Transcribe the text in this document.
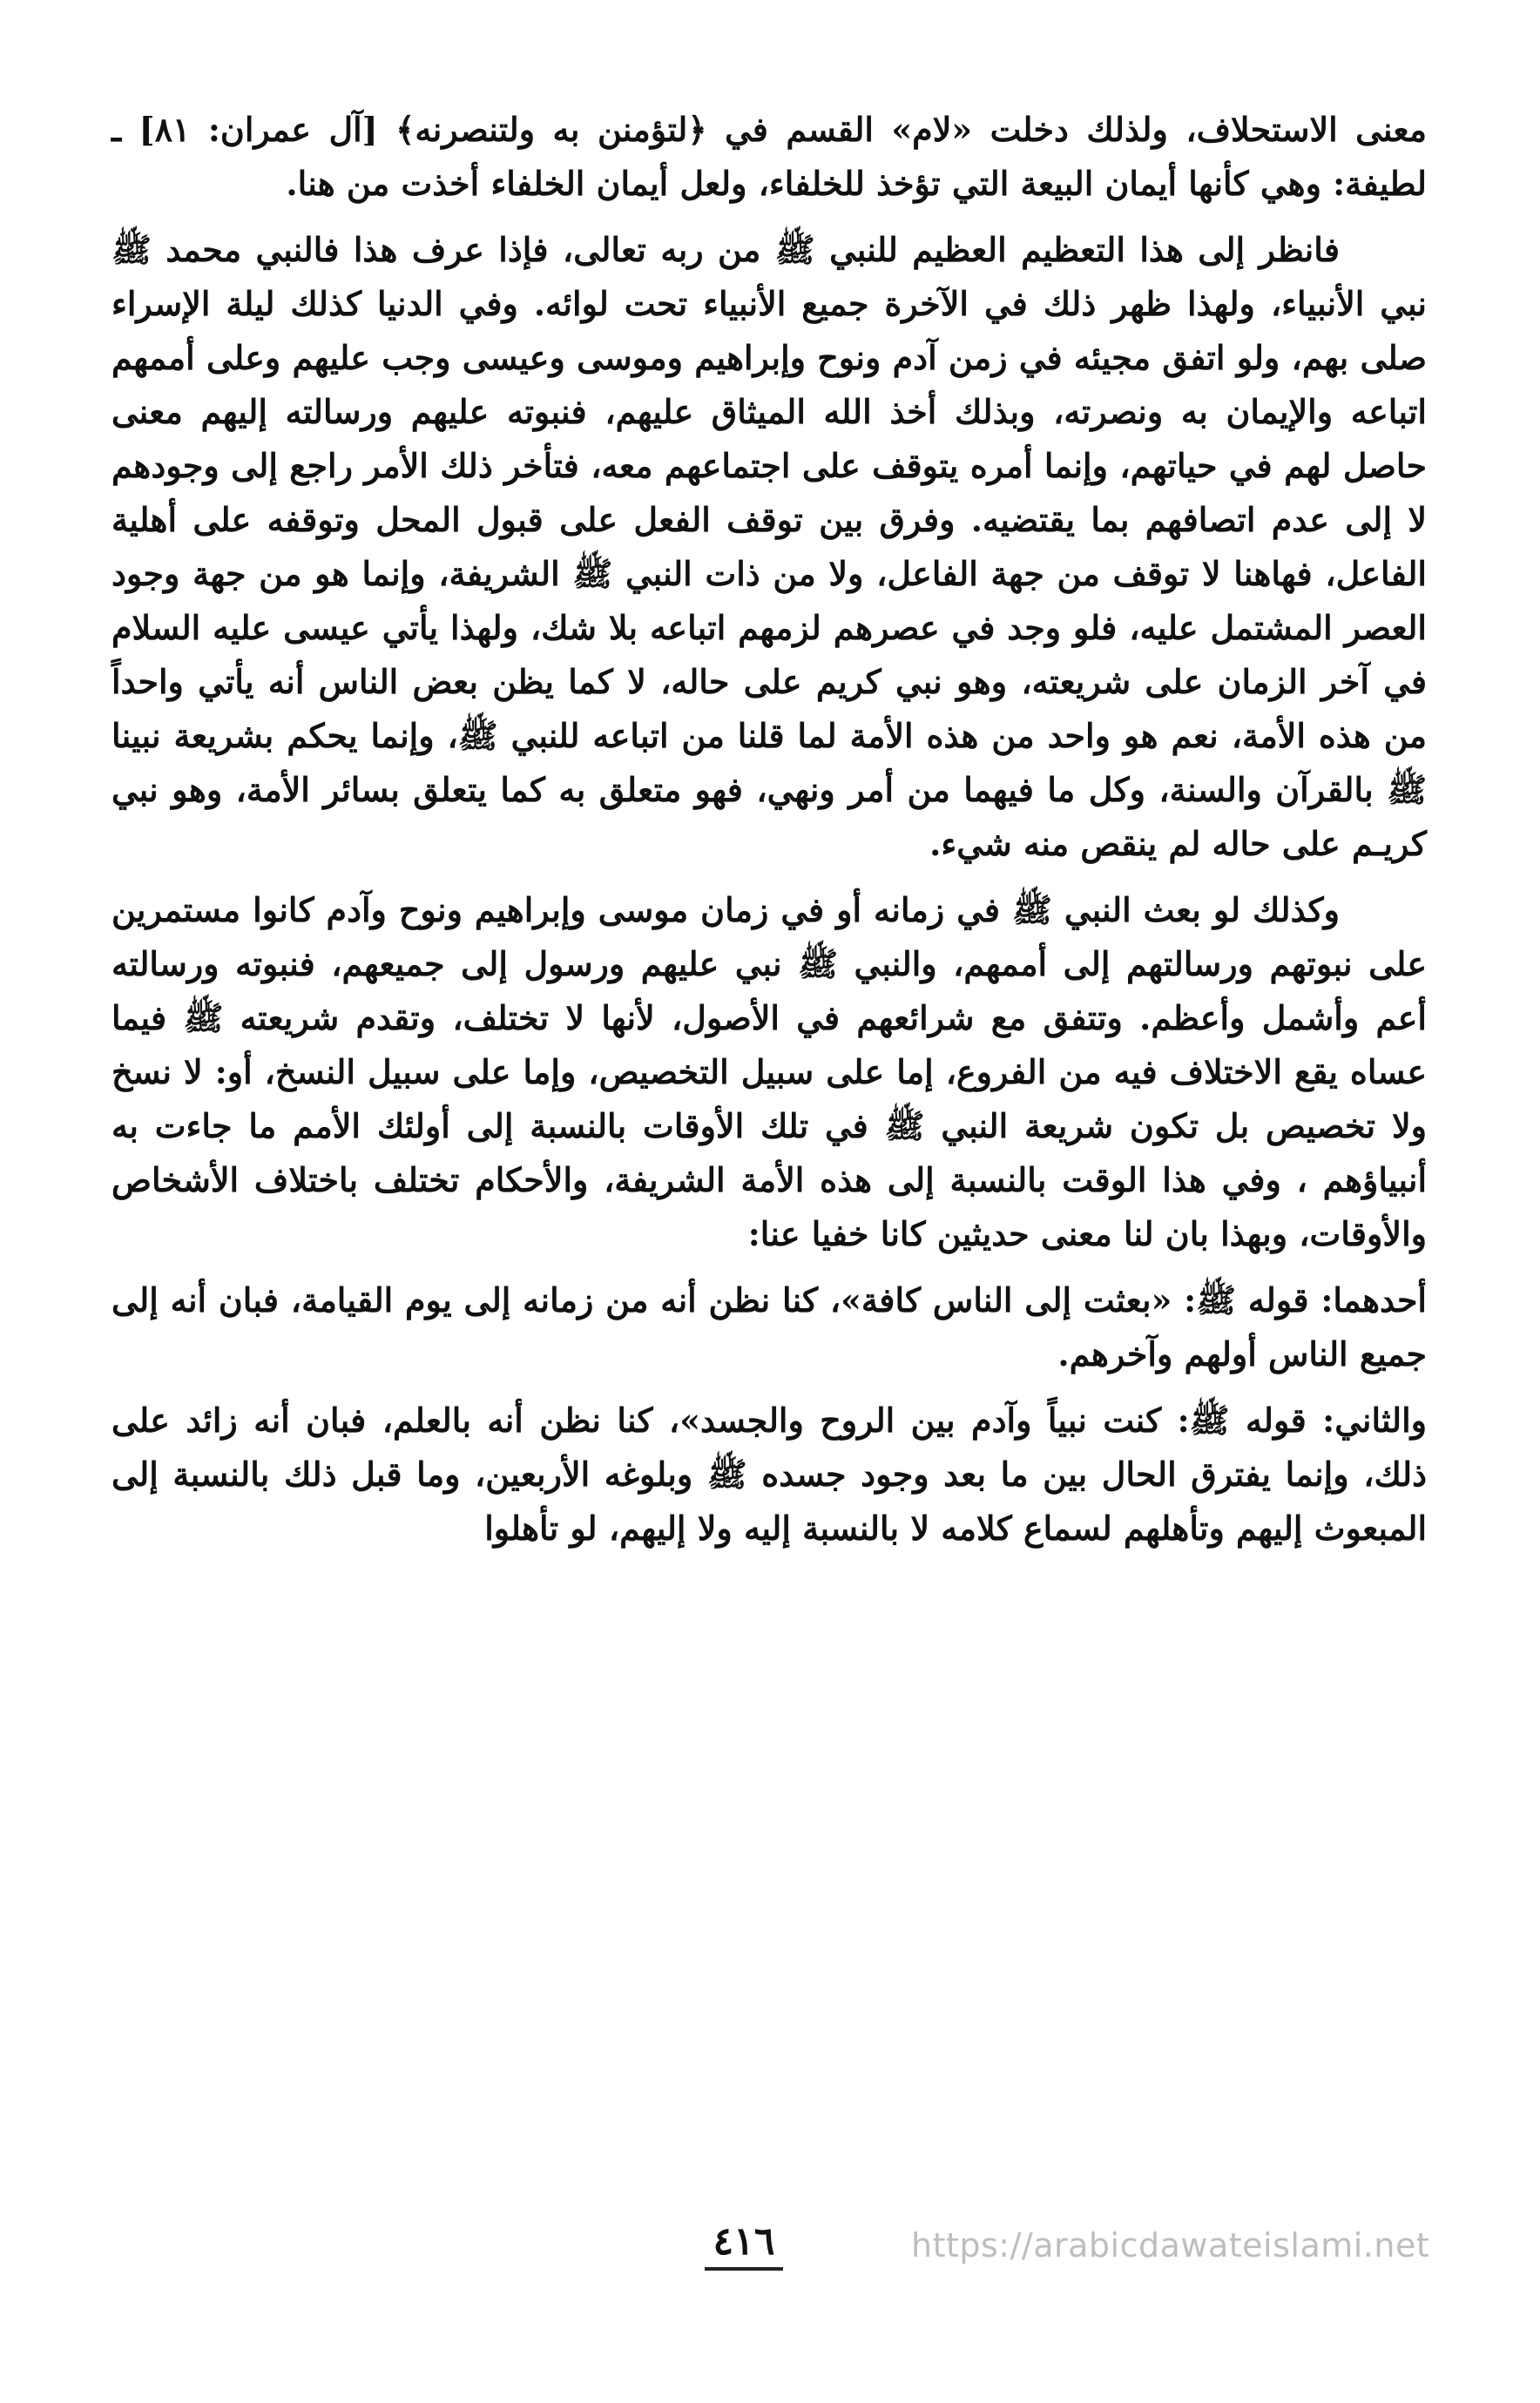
معنى الاستحلاف، ولذلك دخلت «لام» القسم في ﴿لتؤمنن به ولتنصرنه﴾ [آل عمران: ٨١] ـ لطيفة: وهي كأنها أيمان البيعة التي تؤخذ للخلفاء، ولعل أيمان الخلفاء أخذت من هنا.

فانظر إلى هذا التعظيم العظيم للنبي ﷺ من ربه تعالى، فإذا عرف هذا فالنبي محمد ﷺ نبي الأنبياء، ولهذا ظهر ذلك في الآخرة جميع الأنبياء تحت لوائه. وفي الدنيا كذلك ليلة الإسراء صلى بهم، ولو اتفق مجيئه في زمن آدم ونوح وإبراهيم وموسى وعيسى وجب عليهم وعلى أممهم اتباعه والإيمان به ونصرته، وبذلك أخذ الله الميثاق عليهم، فنبوته عليهم ورسالته إليهم معنى حاصل لهم في حياتهم، وإنما أمره يتوقف على اجتماعهم معه، فتأخر ذلك الأمر راجع إلى وجودهم لا إلى عدم اتصافهم بما يقتضيه. وفرق بين توقف الفعل على قبول المحل وتوقفه على أهلية الفاعل، فهاهنا لا توقف من جهة الفاعل، ولا من ذات النبي ﷺ الشريفة، وإنما هو من جهة وجود العصر المشتمل عليه، فلو وجد في عصرهم لزمهم اتباعه بلا شك، ولهذا يأتي عيسى عليه السلام في آخر الزمان على شريعته، وهو نبي كريم على حاله، لا كما يظن بعض الناس أنه يأتي واحداً من هذه الأمة، نعم هو واحد من هذه الأمة لما قلنا من اتباعه للنبي ﷺ، وإنما يحكم بشريعة نبينا ﷺ بالقرآن والسنة، وكل ما فيهما من أمر ونهي، فهو متعلق به كما يتعلق بسائر الأمة، وهو نبي كريـم على حاله لم ينقص منه شيء.

وكذلك لو بعث النبي ﷺ في زمانه أو في زمان موسى وإبراهيم ونوح وآدم كانوا مستمرين على نبوتهم ورسالتهم إلى أممهم، والنبي ﷺ نبي عليهم ورسول إلى جميعهم، فنبوته ورسالته أعم وأشمل وأعظم. وتتفق مع شرائعهم في الأصول، لأنها لا تختلف، وتقدم شريعته ﷺ فيما عساه يقع الاختلاف فيه من الفروع، إما على سبيل التخصيص، وإما على سبيل النسخ، أو: لا نسخ ولا تخصيص بل تكون شريعة النبي ﷺ في تلك الأوقات بالنسبة إلى أولئك الأمم ما جاءت به أنبياؤهم ، وفي هذا الوقت بالنسبة إلى هذه الأمة الشريفة، والأحكام تختلف باختلاف الأشخاص والأوقات، وبهذا بان لنا معنى حديثين كانا خفيا عنا:

أحدهما: قوله ﷺ: «بعثت إلى الناس كافة»، كنا نظن أنه من زمانه إلى يوم القيامة، فبان أنه إلى جميع الناس أولهم وآخرهم.

والثاني: قوله ﷺ: كنت نبياً وآدم بين الروح والجسد»، كنا نظن أنه بالعلم، فبان أنه زائد على ذلك، وإنما يفترق الحال بين ما بعد وجود جسده ﷺ وبلوغه الأربعين، وما قبل ذلك بالنسبة إلى المبعوث إليهم وتأهلهم لسماع كلامه لا بالنسبة إليه ولا إليهم، لو تأهلوا

٤١٦	https://arabicdawateislami.net
